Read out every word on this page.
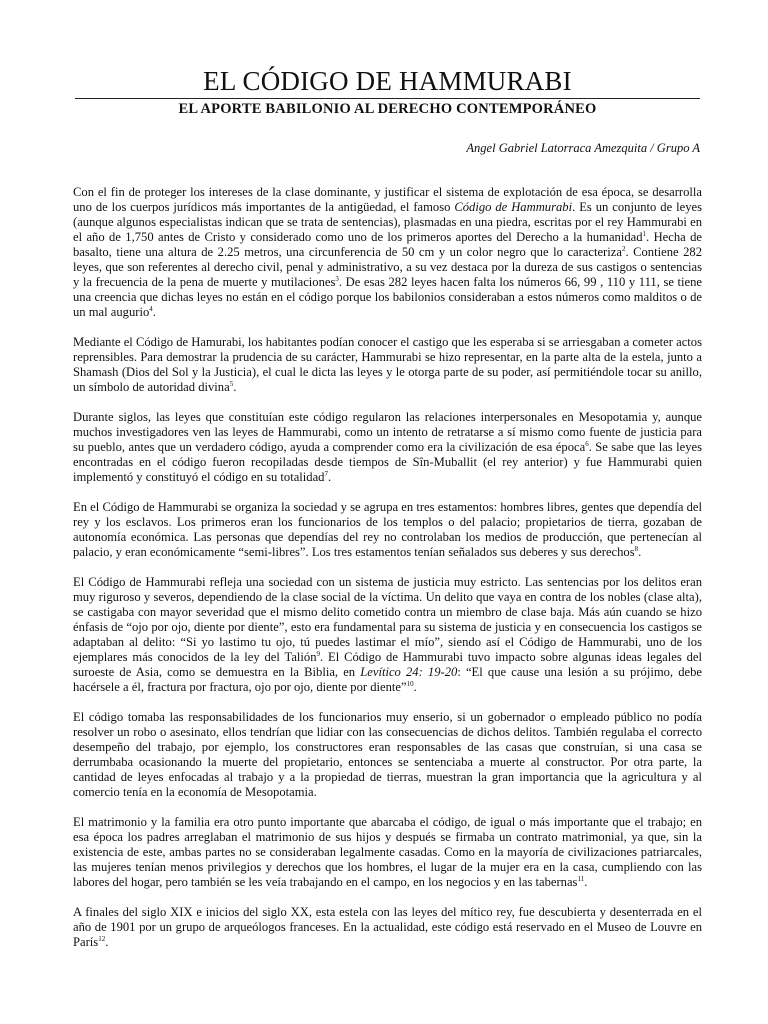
EL CÓDIGO DE HAMMURABI
EL APORTE BABILONIO AL DERECHO CONTEMPORÁNEO
Angel Gabriel Latorraca Amezquita / Grupo A

Con el fin de proteger los intereses de la clase dominante, y justificar el sistema de explotación de esa época, se desarrolla uno de los cuerpos jurídicos más importantes de la antigüedad, el famoso Código de Hammurabi. Es un conjunto de leyes (aunque algunos especialistas indican que se trata de sentencias), plasmadas en una piedra, escritas por el rey Hammurabi en el año de 1,750 antes de Cristo y considerado como uno de los primeros aportes del Derecho a la humanidad$^1$. Hecha de basalto, tiene una altura de 2.25 metros, una circunferencia de 50 cm y un color negro que lo caracteriza$^2$. Contiene 282 leyes, que son referentes al derecho civil, penal y administrativo, a su vez destaca por la dureza de sus castigos o sentencias y la frecuencia de la pena de muerte y mutilaciones$^3$. De esas 282 leyes hacen falta los números 66, 99 , 110 y 111, se tiene una creencia que dichas leyes no están en el código porque los babilonios consideraban a estos números como malditos o de un mal augurio$^4$.

Mediante el Código de Hamurabi, los habitantes podían conocer el castigo que les esperaba si se arriesgaban a cometer actos reprensibles. Para demostrar la prudencia de su carácter, Hammurabi se hizo representar, en la parte alta de la estela, junto a Shamash (Dios del Sol y la Justicia), el cual le dicta las leyes y le otorga parte de su poder, así permitiéndole tocar su anillo, un símbolo de autoridad divina$^5$.

Durante siglos, las leyes que constituían este código regularon las relaciones interpersonales en Mesopotamia y, aunque muchos investigadores ven las leyes de Hammurabi, como un intento de retratarse a sí mismo como fuente de justicia para su pueblo, antes que un verdadero código, ayuda a comprender como era la civilización de esa época$^6$. Se sabe que las leyes encontradas en el código fueron recopiladas desde tiempos de Sîn-Muballit (el rey anterior) y fue Hammurabi quien implementó y constituyó el código en su totalidad$^7$.

En el Código de Hammurabi se organiza la sociedad y se agrupa en tres estamentos: hombres libres, gentes que dependía del rey y los esclavos. Los primeros eran los funcionarios de los templos o del palacio; propietarios de tierra, gozaban de autonomía económica. Las personas que dependías del rey no controlaban los medios de producción, que pertenecían al palacio, y eran económicamente “semi-libres”. Los tres estamentos tenían señalados sus deberes y sus derechos$^8$.

El Código de Hammurabi refleja una sociedad con un sistema de justicia muy estricto. Las sentencias por los delitos eran muy riguroso y severos, dependiendo de la clase social de la víctima. Un delito que vaya en contra de los nobles (clase alta), se castigaba con mayor severidad que el mismo delito cometido contra un miembro de clase baja. Más aún cuando se hizo énfasis de “ojo por ojo, diente por diente”, esto era fundamental para su sistema de justicia y en consecuencia los castigos se adaptaban al delito: “Si yo lastimo tu ojo, tú puedes lastimar el mío”, siendo así el Código de Hammurabi, uno de los ejemplares más conocidos de la ley del Talión$^9$. El Código de Hammurabi tuvo impacto sobre algunas ideas legales del suroeste de Asia, como se demuestra en la Biblia, en Levítico 24: 19-20: “El que cause una lesión a su prójimo, debe hacérsele a él, fractura por fractura, ojo por ojo, diente por diente”$^{10}$.

El código tomaba las responsabilidades de los funcionarios muy enserio, si un gobernador o empleado público no podía resolver un robo o asesinato, ellos tendrían que lidiar con las consecuencias de dichos delitos. También regulaba el correcto desempeño del trabajo, por ejemplo, los constructores eran responsables de las casas que construían, si una casa se derrumbaba ocasionando la muerte del propietario, entonces se sentenciaba a muerte al constructor. Por otra parte, la cantidad de leyes enfocadas al trabajo y a la propiedad de tierras, muestran la gran importancia que la agricultura y al comercio tenía en la economía de Mesopotamia.

El matrimonio y la familia era otro punto importante que abarcaba el código, de igual o más importante que el trabajo; en esa época los padres arreglaban el matrimonio de sus hijos y después se firmaba un contrato matrimonial, ya que, sin la existencia de este, ambas partes no se consideraban legalmente casadas. Como en la mayoría de civilizaciones patriarcales, las mujeres tenían menos privilegios y derechos que los hombres, el lugar de la mujer era en la casa, cumpliendo con las labores del hogar, pero también se les veía trabajando en el campo, en los negocios y en las tabernas$^{11}$.

A finales del siglo XIX e inicios del siglo XX, esta estela con las leyes del mítico rey, fue descubierta y desenterrada en el año de 1901 por un grupo de arqueólogos franceses. En la actualidad, este código está reservado en el Museo de Louvre en París$^{12}$.
